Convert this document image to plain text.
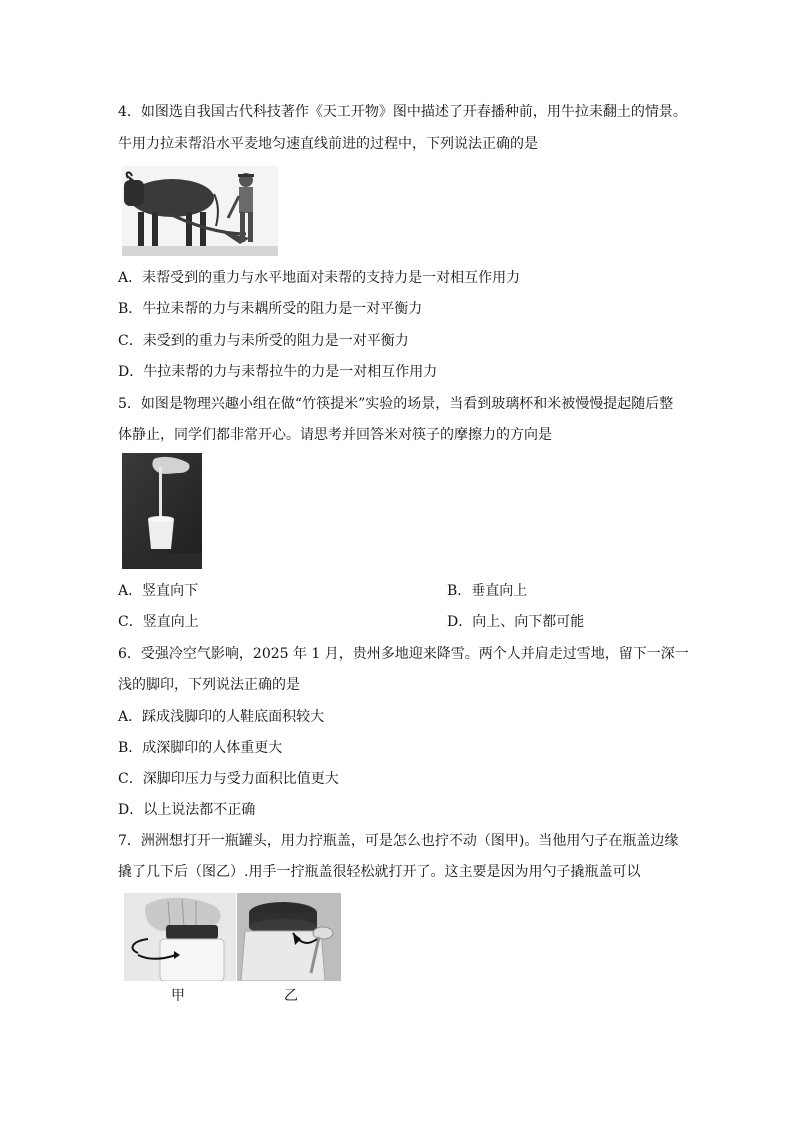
4．如图选自我国古代科技著作《天工开物》图中描述了开春播种前，用牛拉耒翻土的情景。
牛用力拉耒帮沿水平麦地匀速直线前进的过程中，下列说法正确的是
A．耒帮受到的重力与水平地面对耒帮的支持力是一对相互作用力
B．牛拉耒帮的力与耒耦所受的阻力是一对平衡力
C．耒受到的重力与耒所受的阻力是一对平衡力
D．牛拉耒帮的力与耒帮拉牛的力是一对相互作用力
5．如图是物理兴趣小组在做“竹筷提米”实验的场景，当看到玻璃杯和米被慢慢提起随后整
体静止，同学们都非常开心。请思考并回答米对筷子的摩擦力的方向是
A．竖直向下	B．垂直向上
C．竖直向上	D．向上、向下都可能
6．受强冷空气影响，2025 年 1 月，贵州多地迎来降雪。两个人并肩走过雪地，留下一深一
浅的脚印，下列说法正确的是
A．踩成浅脚印的人鞋底面积较大
B．成深脚印的人体重更大
C．深脚印压力与受力面积比值更大
D．以上说法都不正确
7．洲洲想打开一瓶罐头，用力拧瓶盖，可是怎么也拧不动（图甲)。当他用勺子在瓶盖边缘
撬了几下后（图乙）.用手一拧瓶盖很轻松就打开了。这主要是因为用勺子撬瓶盖可以
甲	乙
